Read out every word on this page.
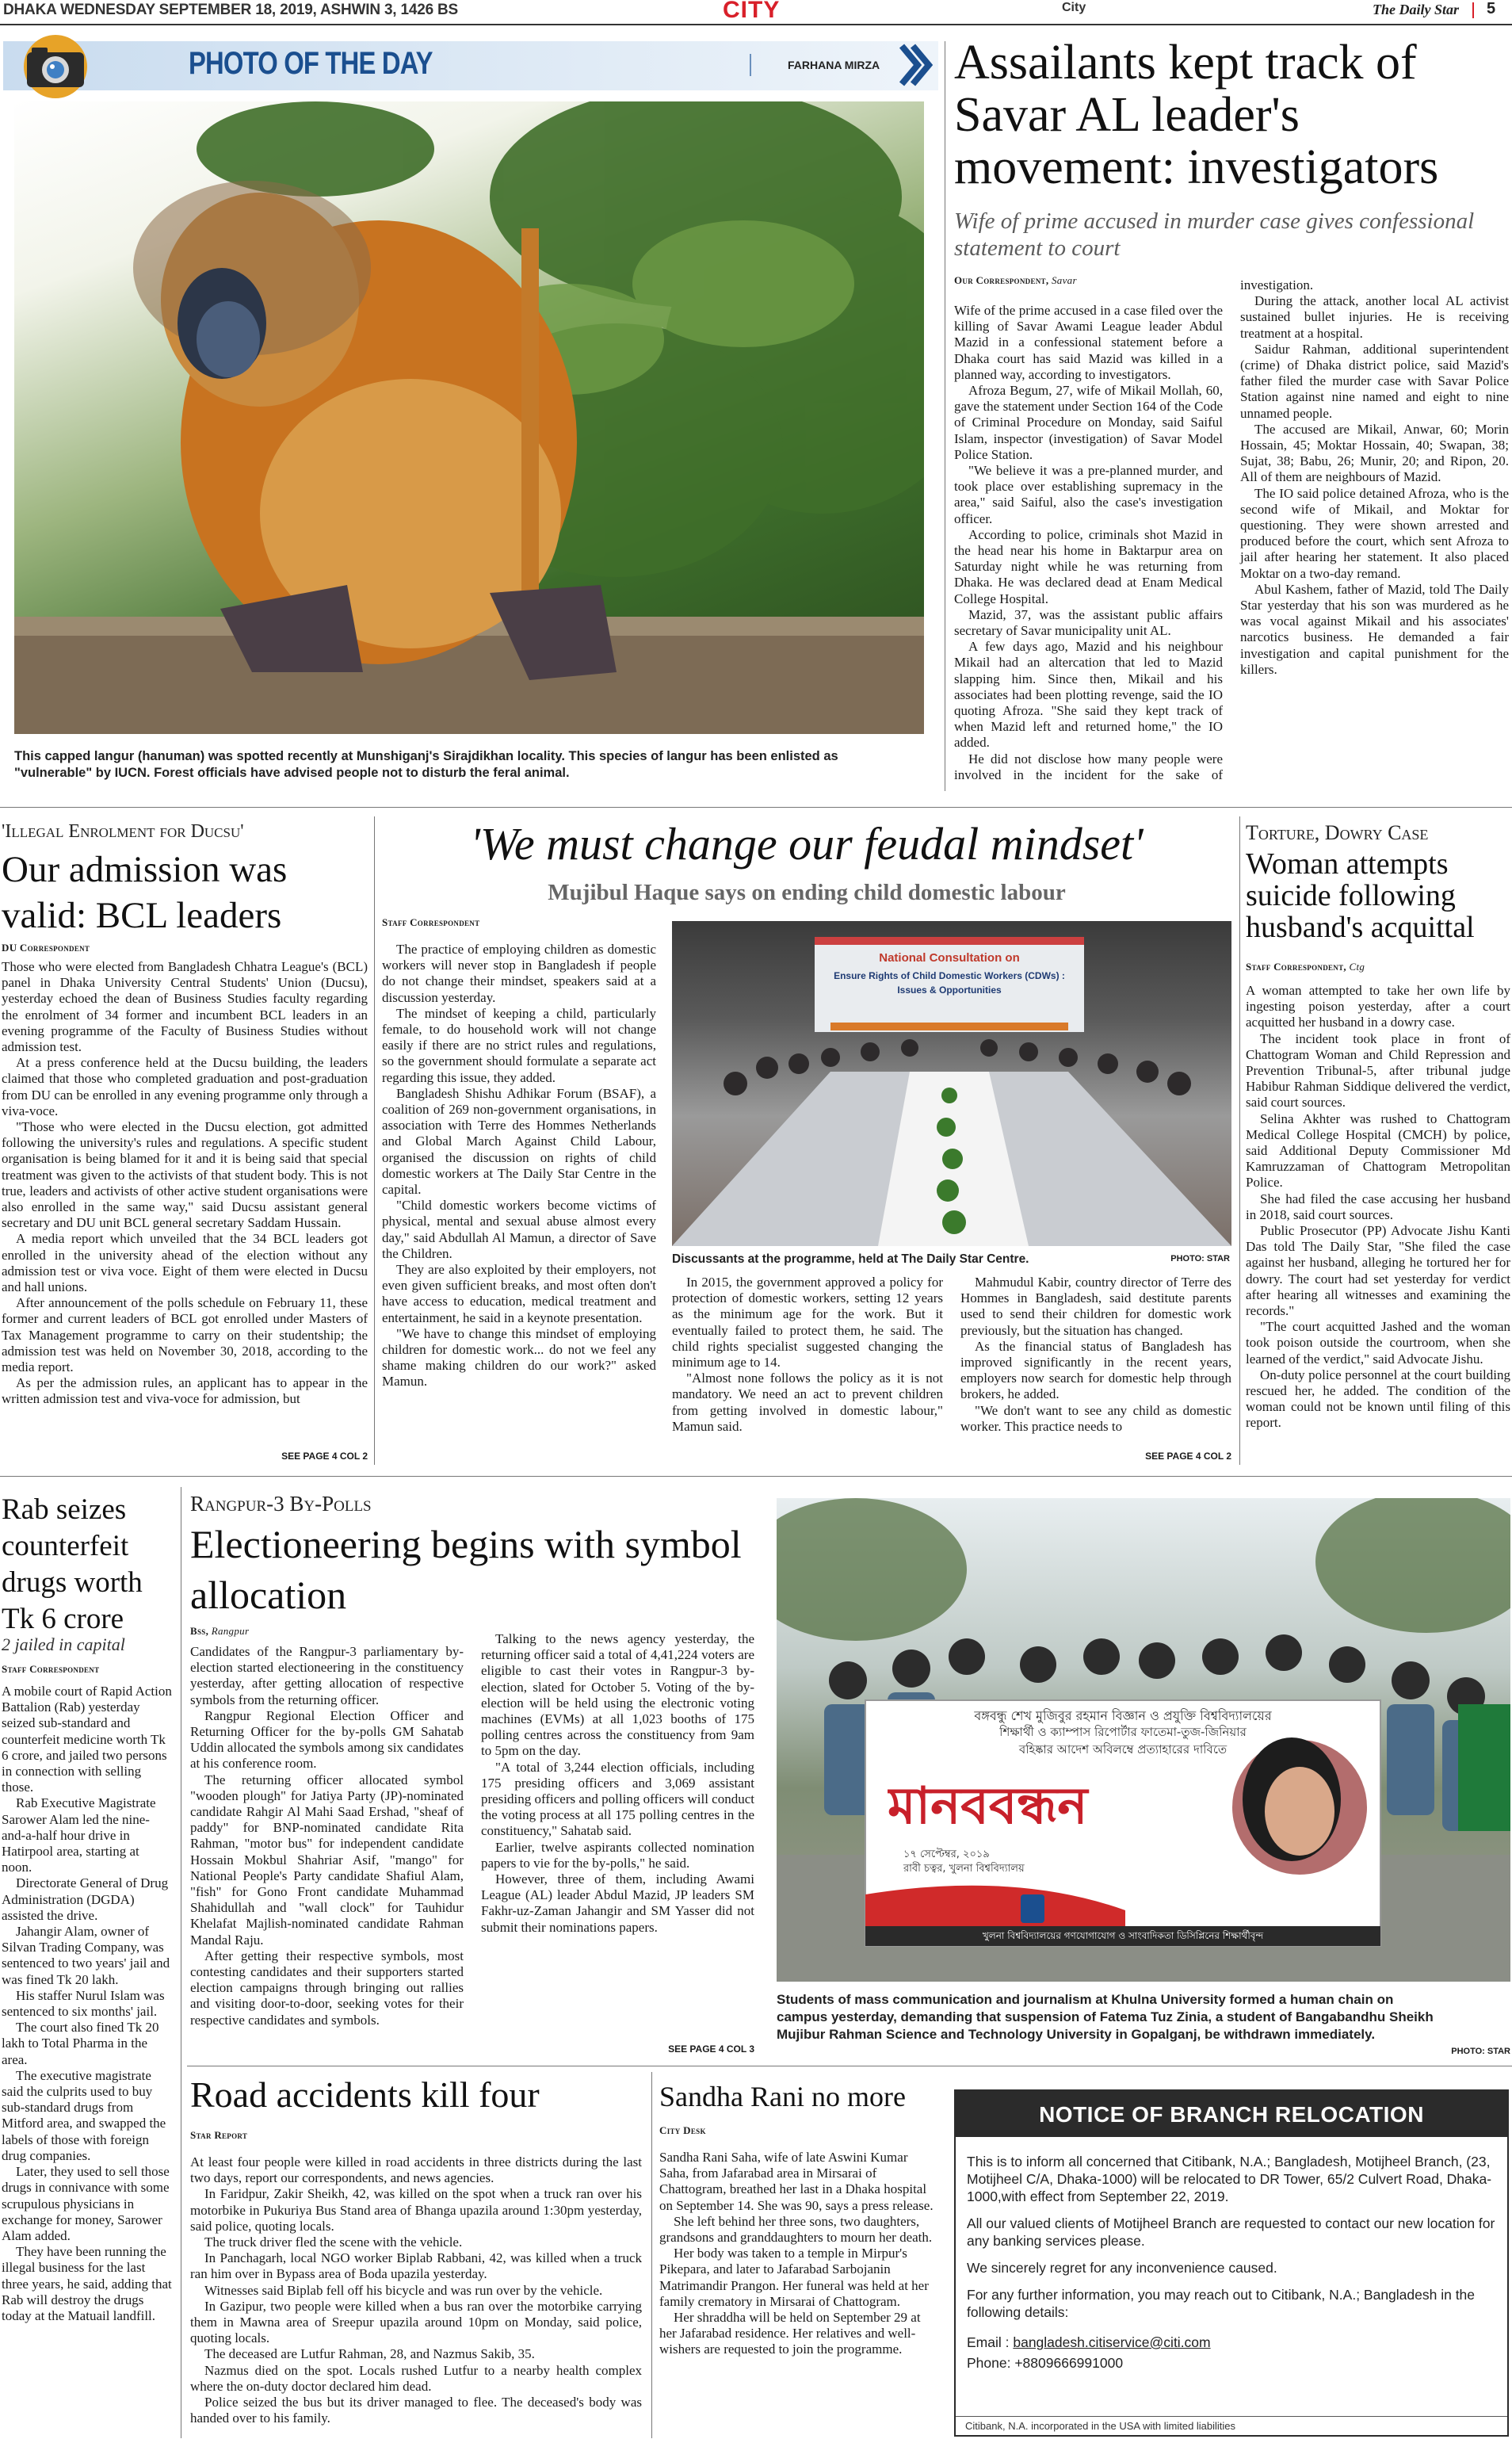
DHAKA WEDNESDAY SEPTEMBER 18, 2019, ASHWIN 3, 1426 BS	CITY	City	The Daily Star 5
PHOTO OF THE DAY	FARHANA MIRZA
This capped langur (hanuman) was spotted recently at Munshiganj's Sirajdikhan locality. This species of langur has been enlisted as "vulnerable" by IUCN. Forest officials have advised people not to disturb the feral animal.
Assailants kept track of Savar AL leader's movement: investigators
Wife of prime accused in murder case gives confessional statement to court
Our Correspondent, Savar

Wife of the prime accused in a case filed over the killing of Savar Awami League leader Abdul Mazid in a confessional statement before a Dhaka court has said Mazid was killed in a planned way, according to investigators.

Afroza Begum, 27, wife of Mikail Mollah, 60, gave the statement under Section 164 of the Code of Criminal Procedure on Monday, said Saiful Islam, inspector (investigation) of Savar Model Police Station.

"We believe it was a pre-planned murder, and took place over establishing supremacy in the area," said Saiful, also the case's investigation officer.

According to police, criminals shot Mazid in the head near his home in Baktarpur area on Saturday night while he was returning from Dhaka. He was declared dead at Enam Medical College Hospital.

Mazid, 37, was the assistant public affairs secretary of Savar municipality unit AL.

A few days ago, Mazid and his neighbour Mikail had an altercation that led to Mazid slapping him. Since then, Mikail and his associates had been plotting revenge, said the IO quoting Afroza. "She said they kept track of when Mazid left and returned home," the IO added.

He did not disclose how many people were involved in the incident for the sake of investigation.

During the attack, another local AL activist sustained bullet injuries. He is receiving treatment at a hospital.

Saidur Rahman, additional superintendent (crime) of Dhaka district police, said Mazid's father filed the murder case with Savar Police Station against nine named and eight to nine unnamed people.

The accused are Mikail, Anwar, 60; Morin Hossain, 45; Moktar Hossain, 40; Swapan, 38; Sujat, 38; Babu, 26; Munir, 20; and Ripon, 20. All of them are neighbours of Mazid.

The IO said police detained Afroza, who is the second wife of Mikail, and Moktar for questioning. They were shown arrested and produced before the court, which sent Afroza to jail after hearing her statement. It also placed Moktar on a two-day remand.

Abul Kashem, father of Mazid, told The Daily Star yesterday that his son was murdered as he was vocal against Mikail and his associates' narcotics business. He demanded a fair investigation and capital punishment for the killers.

'Illegal Enrolment for Ducsu'
Our admission was valid: BCL leaders
DU Correspondent

Those who were elected from Bangladesh Chhatra League's (BCL) panel in Dhaka University Central Students' Union (Ducsu), yesterday echoed the dean of Business Studies faculty regarding the enrolment of 34 former and incumbent BCL leaders in an evening programme of the Faculty of Business Studies without admission test.

At a press conference held at the Ducsu building, the leaders claimed that those who completed graduation and post-graduation from DU can be enrolled in any evening programme only through a viva-voce.

"Those who were elected in the Ducsu election, got admitted following the university's rules and regulations. A specific student organisation is being blamed for it and it is being said that special treatment was given to the activists of that student body. This is not true, leaders and activists of other active student organisations were also enrolled in the same way," said Ducsu assistant general secretary and DU unit BCL general secretary Saddam Hussain.

A media report which unveiled that the 34 BCL leaders got enrolled in the university ahead of the election without any admission test or viva voce. Eight of them were elected in Ducsu and hall unions.

After announcement of the polls schedule on February 11, these former and current leaders of BCL got enrolled under Masters of Tax Management programme to carry on their studentship; the admission test was held on November 30, 2018, according to the media report.

As per the admission rules, an applicant has to appear in the written admission test and viva-voce for admission, but

SEE PAGE 4 COL 2
'We must change our feudal mindset'
Mujibul Haque says on ending child domestic labour
Staff Correspondent

The practice of employing children as domestic workers will never stop in Bangladesh if people do not change their mindset, speakers said at a discussion yesterday.

The mindset of keeping a child, particularly female, to do household work will not change easily if there are no strict rules and regulations, so the government should formulate a separate act regarding this issue, they added.

Bangladesh Shishu Adhikar Forum (BSAF), a coalition of 269 non-government organisations, in association with Terre des Hommes Netherlands and Global March Against Child Labour, organised the discussion on rights of child domestic workers at The Daily Star Centre in the capital.

"Child domestic workers become victims of physical, mental and sexual abuse almost every day," said Abdullah Al Mamun, a director of Save the Children.

They are also exploited by their employers, not even given sufficient breaks, and most often don't have access to education, medical treatment and entertainment, he said in a keynote presentation.

"We have to change this mindset of employing children for domestic work... do not we feel any shame making children do our work?" asked Mamun.

National Consultation on
Ensure Rights of Child Domestic Workers (CDWs) :
Issues & Opportunities
Discussants at the programme, held at The Daily Star Centre.	PHOTO: STAR

In 2015, the government approved a policy for protection of domestic workers, setting 12 years as the minimum age for the work. But it eventually failed to protect them, he said. The child rights specialist suggested changing the minimum age to 14.

"Almost none follows the policy as it is not mandatory. We need an act to prevent children from getting involved in domestic labour," Mamun said.

Mahmudul Kabir, country director of Terre des Hommes in Bangladesh, said destitute parents used to send their children for domestic work previously, but the situation has changed.

As the financial status of Bangladesh has improved significantly in the recent years, employers now search for domestic help through brokers, he added.

"We don't want to see any child as domestic worker. This practice needs to

SEE PAGE 4 COL 2
Torture, Dowry Case
Woman attempts suicide following husband's acquittal
Staff Correspondent, Ctg

A woman attempted to take her own life by ingesting poison yesterday, after a court acquitted her husband in a dowry case.

The incident took place in front of Chattogram Woman and Child Repression and Prevention Tribunal-5, after tribunal judge Habibur Rahman Siddique delivered the verdict, said court sources.

Selina Akhter was rushed to Chattogram Medical College Hospital (CMCH) by police, said Additional Deputy Commissioner Md Kamruzzaman of Chattogram Metropolitan Police.

She had filed the case accusing her husband in 2018, said court sources.

Public Prosecutor (PP) Advocate Jishu Kanti Das told The Daily Star, "She filed the case against her husband, alleging he tortured her for dowry. The court had set yesterday for verdict after hearing all witnesses and examining the records."

"The court acquitted Jashed and the woman took poison outside the courtroom, when she learned of the verdict," said Advocate Jishu.

On-duty police personnel at the court building rescued her, he added. The condition of the woman could not be known until filing of this report.

Rab seizes counterfeit drugs worth Tk 6 crore
2 jailed in capital
Staff Correspondent

A mobile court of Rapid Action Battalion (Rab) yesterday seized sub-standard and counterfeit medicine worth Tk 6 crore, and jailed two persons in connection with selling those.

Rab Executive Magistrate Sarower Alam led the nine-and-a-half hour drive in Hatirpool area, starting at noon.

Directorate General of Drug Administration (DGDA) assisted the drive.

Jahangir Alam, owner of Silvan Trading Company, was sentenced to two years' jail and was fined Tk 20 lakh.

His staffer Nurul Islam was sentenced to six months' jail.

The court also fined Tk 20 lakh to Total Pharma in the area.

The executive magistrate said the culprits used to buy sub-standard drugs from Mitford area, and swapped the labels of those with foreign drug companies.

Later, they used to sell those drugs in connivance with some scrupulous physicians in exchange for money, Sarower Alam added.

They have been running the illegal business for the last three years, he said, adding that Rab will destroy the drugs today at the Matuail landfill.

Rangpur-3 By-Polls
Electioneering begins with symbol allocation
Bss, Rangpur

Candidates of the Rangpur-3 parliamentary by-election started electioneering in the constituency yesterday, after getting allocation of respective symbols from the returning officer.

Rangpur Regional Election Officer and Returning Officer for the by-polls GM Sahatab Uddin allocated the symbols among six candidates at his conference room.

The returning officer allocated symbol "wooden plough" for Jatiya Party (JP)-nominated candidate Rahgir Al Mahi Saad Ershad, "sheaf of paddy" for BNP-nominated candidate Rita Rahman, "motor bus" for independent candidate Hossain Mokbul Shahriar Asif, "mango" for National People's Party candidate Shafiul Alam, "fish" for Gono Front candidate Muhammad Shahidullah and "wall clock" for Tauhidur Khelafat Majlish-nominated candidate Rahman Mandal Raju.

After getting their respective symbols, most contesting candidates and their supporters started election campaigns through bringing out rallies and visiting door-to-door, seeking votes for their respective candidates and symbols.

Talking to the news agency yesterday, the returning officer said a total of 4,41,224 voters are eligible to cast their votes in Rangpur-3 by-election, slated for October 5. Voting of the by-election will be held using the electronic voting machines (EVMs) at all 1,023 booths of 175 polling centres across the constituency from 9am to 5pm on the day.

"A total of 3,244 election officials, including 175 presiding officers and 3,069 assistant presiding officers and polling officers will conduct the voting process at all 175 polling centres in the constituency," Sahatab said.

Earlier, twelve aspirants collected nomination papers to vie for the by-polls," he said.

However, three of them, including Awami League (AL) leader Abdul Mazid, JP leaders SM Fakhr-uz-Zaman Jahangir and SM Yasser did not submit their nominations papers.

SEE PAGE 4 COL 3
বঙ্গবন্ধু শেখ মুজিবুর রহমান বিজ্ঞান ও প্রযুক্তি বিশ্ববিদ্যালয়ের
শিক্ষার্থী ও ক্যাম্পাস রিপোর্টার ফাতেমা-তুজ-জিনিয়ার
বহিষ্কার আদেশ অবিলম্বে প্রত্যাহারের দাবিতে
মানববন্ধন
১৭ সেপ্টেম্বর, ২০১৯
রাবী চত্বর, খুলনা বিশ্ববিদ্যালয়
খুলনা বিশ্ববিদ্যালয়ের গণযোগাযোগ ও সাংবাদিকতা ডিসিপ্লিনের শিক্ষার্থীবৃন্দ
Students of mass communication and journalism at Khulna University formed a human chain on campus yesterday, demanding that suspension of Fatema Tuz Zinia, a student of Bangabandhu Sheikh Mujibur Rahman Science and Technology University in Gopalganj, be withdrawn immediately.
PHOTO: STAR
Road accidents kill four
Star Report

At least four people were killed in road accidents in three districts during the last two days, report our correspondents, and news agencies.

In Faridpur, Zakir Sheikh, 42, was killed on the spot when a truck ran over his motorbike in Pukuriya Bus Stand area of Bhanga upazila around 1:30pm yesterday, said police, quoting locals.

The truck driver fled the scene with the vehicle.

In Panchagarh, local NGO worker Biplab Rabbani, 42, was killed when a truck ran him over in Bypass area of Boda upazila yesterday.

Witnesses said Biplab fell off his bicycle and was run over by the vehicle.

In Gazipur, two people were killed when a bus ran over the motorbike carrying them in Mawna area of Sreepur upazila around 10pm on Monday, said police, quoting locals.

The deceased are Lutfur Rahman, 28, and Nazmus Sakib, 35.

Nazmus died on the spot. Locals rushed Lutfur to a nearby health complex where the on-duty doctor declared him dead.

Police seized the bus but its driver managed to flee. The deceased's body was handed over to his family.

Sandha Rani no more
City Desk

Sandha Rani Saha, wife of late Aswini Kumar Saha, from Jafarabad area in Mirsarai of Chattogram, breathed her last in a Dhaka hospital on September 14. She was 90, says a press release.

She left behind her three sons, two daughters, grandsons and granddaughters to mourn her death.

Her body was taken to a temple in Mirpur's Pikepara, and later to Jafarabad Sarbojanin Matrimandir Prangon. Her funeral was held at her family crematory in Mirsarai of Chattogram.

Her shraddha will be held on September 29 at her Jafarabad residence. Her relatives and well-wishers are requested to join the programme.

NOTICE OF BRANCH RELOCATION

This is to inform all concerned that Citibank, N.A.; Bangladesh, Motijheel Branch, (23, Motijheel C/A, Dhaka-1000) will be relocated to DR Tower, 65/2 Culvert Road, Dhaka-1000,with effect from September 22, 2019.

All our valued clients of Motijheel Branch are requested to contact our new location for any banking services please.

We sincerely regret for any inconvenience caused.

For any further information, you may reach out to Citibank, N.A.; Bangladesh in the following details:

Email : bangladesh.citiservice@citi.com

Phone: +8809666991000

Citibank, N.A. incorporated in the USA with limited liabilities
